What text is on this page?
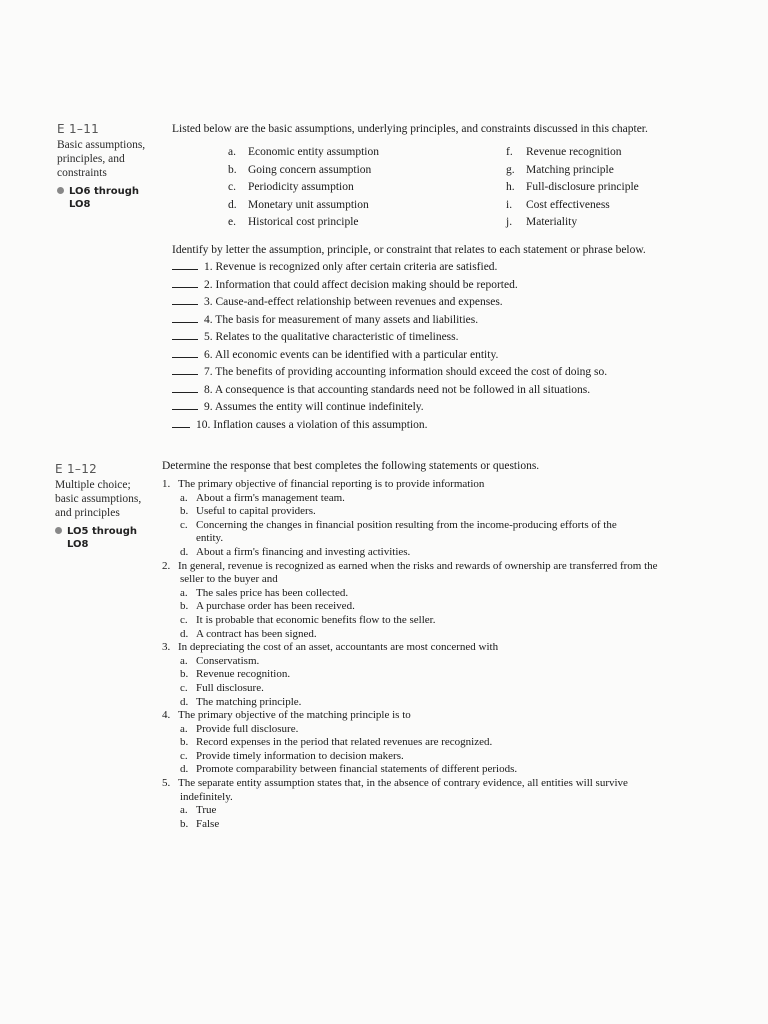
E 1–11
Basic assumptions,
principles, and
constraints
LO6 through
LO8
Listed below are the basic assumptions, underlying principles, and constraints discussed in this chapter.
a. Economic entity assumption
b. Going concern assumption
c. Periodicity assumption
d. Monetary unit assumption
e. Historical cost principle
f. Revenue recognition
g. Matching principle
h. Full-disclosure principle
i. Cost effectiveness
j. Materiality
Identify by letter the assumption, principle, or constraint that relates to each statement or phrase below.
1. Revenue is recognized only after certain criteria are satisfied.
2. Information that could affect decision making should be reported.
3. Cause-and-effect relationship between revenues and expenses.
4. The basis for measurement of many assets and liabilities.
5. Relates to the qualitative characteristic of timeliness.
6. All economic events can be identified with a particular entity.
7. The benefits of providing accounting information should exceed the cost of doing so.
8. A consequence is that accounting standards need not be followed in all situations.
9. Assumes the entity will continue indefinitely.
10. Inflation causes a violation of this assumption.
E 1–12
Multiple choice;
basic assumptions,
and principles
LO5 through
LO8
Determine the response that best completes the following statements or questions.
1. The primary objective of financial reporting is to provide information
a. About a firm's management team.
b. Useful to capital providers.
c. Concerning the changes in financial position resulting from the income-producing efforts of the
entity.
d. About a firm's financing and investing activities.
2. In general, revenue is recognized as earned when the risks and rewards of ownership are transferred from the
seller to the buyer and
a. The sales price has been collected.
b. A purchase order has been received.
c. It is probable that economic benefits flow to the seller.
d. A contract has been signed.
3. In depreciating the cost of an asset, accountants are most concerned with
a. Conservatism.
b. Revenue recognition.
c. Full disclosure.
d. The matching principle.
4. The primary objective of the matching principle is to
a. Provide full disclosure.
b. Record expenses in the period that related revenues are recognized.
c. Provide timely information to decision makers.
d. Promote comparability between financial statements of different periods.
5. The separate entity assumption states that, in the absence of contrary evidence, all entities will survive
indefinitely.
a. True
b. False
